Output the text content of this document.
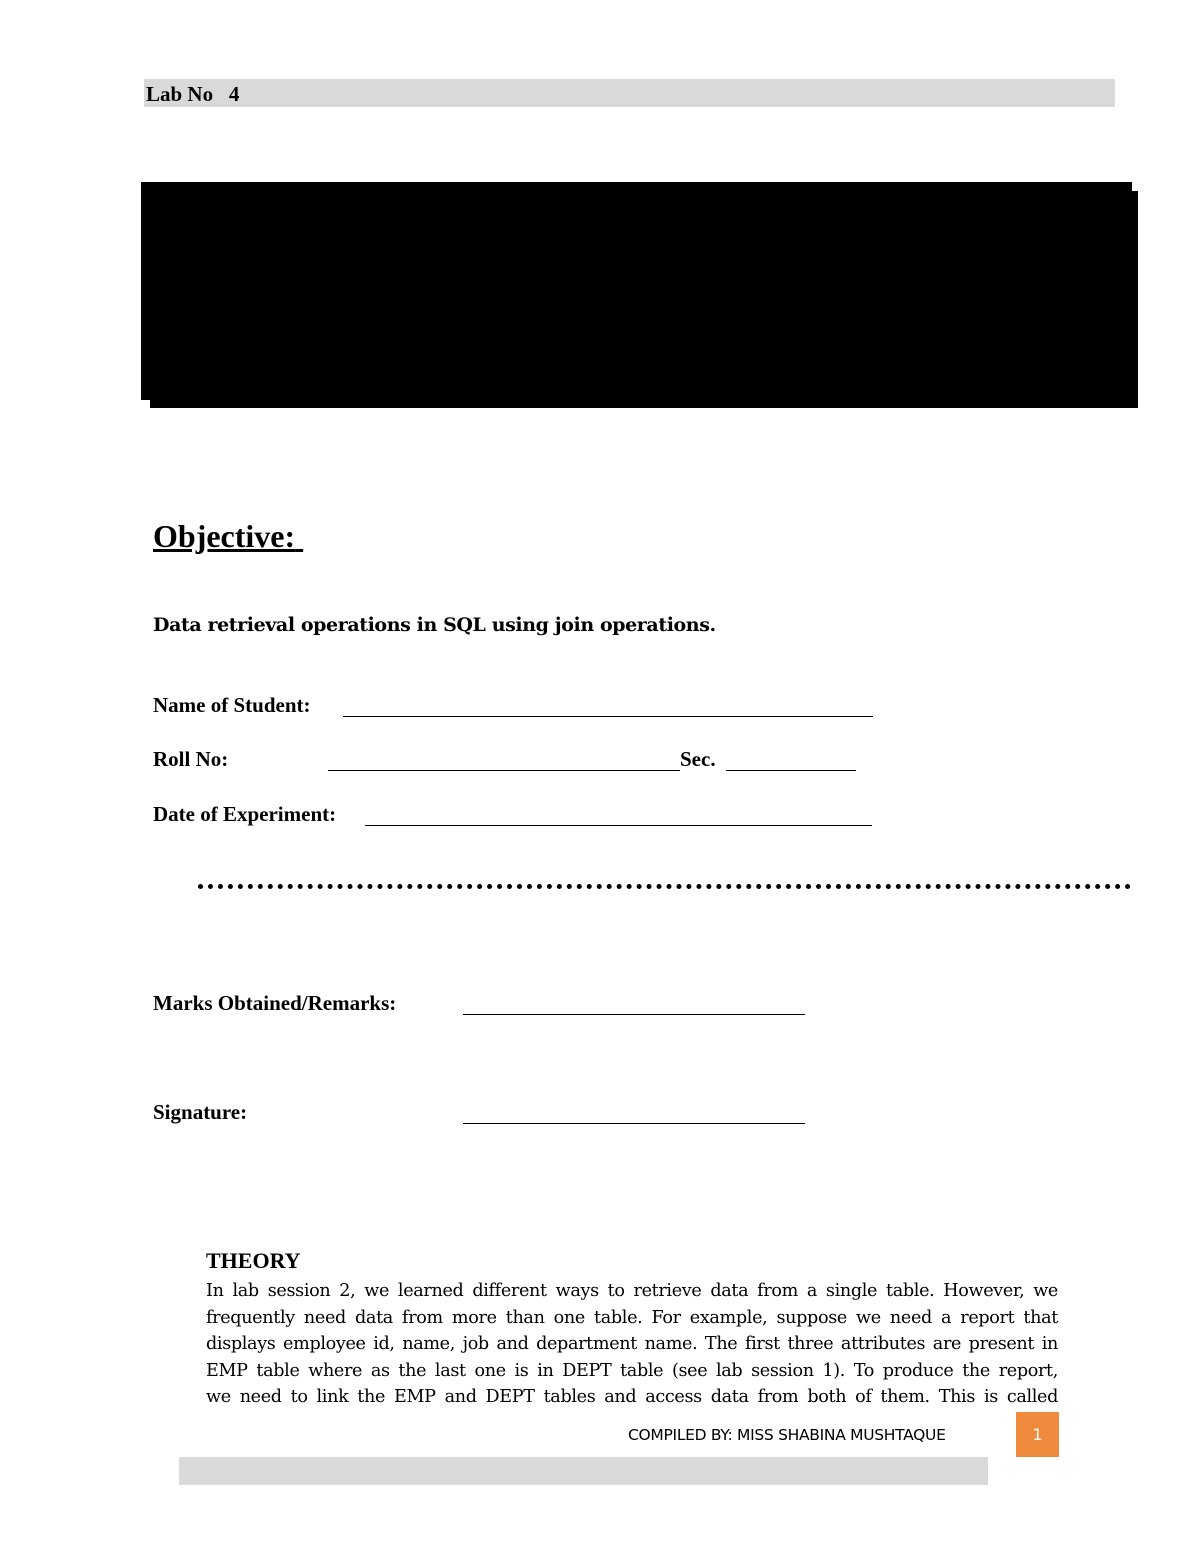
Lab No   4
Objective:
Data retrieval operations in SQL using join operations.
Name of Student:
Roll No:	Sec.
Date of Experiment:
Marks Obtained/Remarks:
Signature:
THEORY
In lab session 2, we learned different ways to retrieve data from a single table. However, we
frequently need data from more than one table. For example, suppose we need a report that
displays employee id, name, job and department name. The first three attributes are present in
EMP table where as the last one is in DEPT table (see lab session 1). To produce the report,
we need to link the EMP and DEPT tables and access data from both of them. This is called
COMPILED BY: MISS SHABINA MUSHTAQUE	1
